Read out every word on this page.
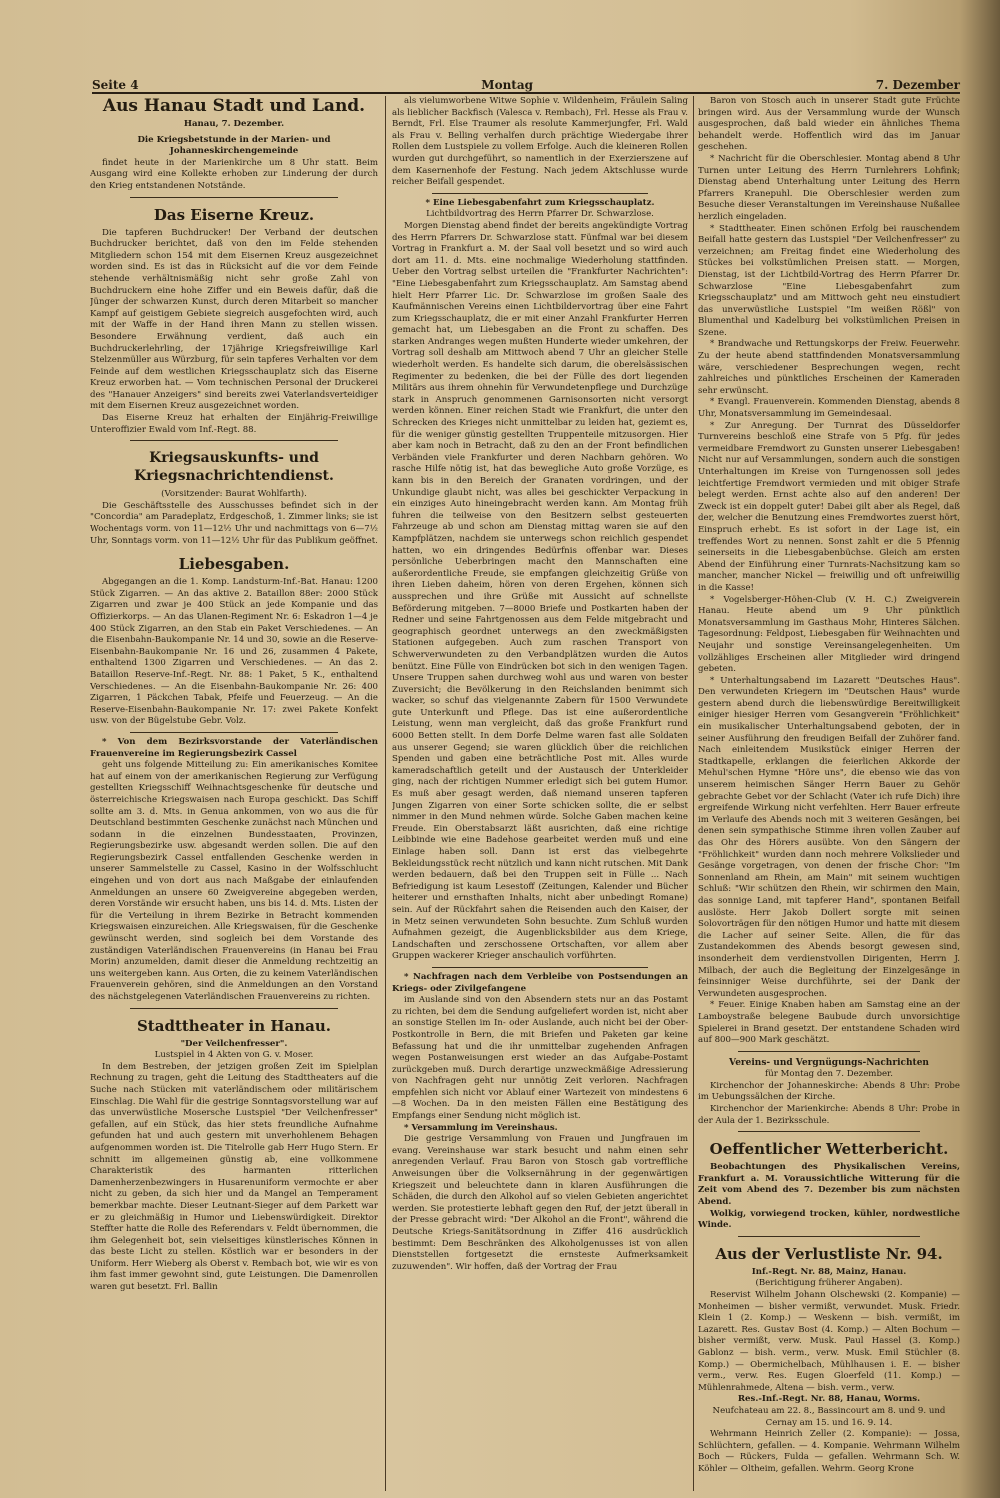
Seite 4	Montag	7. Dezember
Aus Hanau Stadt und Land.
Hanau, 7. Dezember.
Die Kriegsbetstunde in der Marien- und Johanneskirchengemeinde

findet heute in der Marienkirche um 8 Uhr statt. Beim Ausgang wird eine Kollekte erhoben zur Linderung der durch den Krieg entstandenen Notstände.

Das Eiserne Kreuz.

Die tapferen Buchdrucker! Der Verband der deutschen Buchdrucker berichtet, daß von den im Felde stehenden Mitgliedern schon 154 mit dem Eisernen Kreuz ausgezeichnet worden sind. Es ist das in Rücksicht auf die vor dem Feinde stehende verhältnismäßig nicht sehr große Zahl von Buchdruckern eine hohe Ziffer und ein Beweis dafür, daß die Jünger der schwarzen Kunst, durch deren Mitarbeit so mancher Kampf auf geistigem Gebiete siegreich ausgefochten wird, auch mit der Waffe in der Hand ihren Mann zu stellen wissen. Besondere Erwähnung verdient, daß auch ein Buchdruckerlehrling, der 17jährige Kriegsfreiwillige Karl Stelzenmüller aus Würzburg, für sein tapferes Verhalten vor dem Feinde auf dem westlichen Kriegsschauplatz sich das Eiserne Kreuz erworben hat. — Vom technischen Personal der Druckerei des "Hanauer Anzeigers" sind bereits zwei Vaterlandsverteidiger mit dem Eisernen Kreuz ausgezeichnet worden.

Das Eiserne Kreuz hat erhalten der Einjährig-Freiwillige Unteroffizier Ewald vom Inf.-Regt. 88.

Kriegsauskunfts- und Kriegsnachrichtendienst.
(Vorsitzender: Baurat Wohlfarth).

Die Geschäftsstelle des Ausschusses befindet sich in der "Concordia" am Paradeplatz, Erdgeschoß, 1. Zimmer links; sie ist Wochentags vorm. von 11—12½ Uhr und nachmittags von 6—7½ Uhr, Sonntags vorm. von 11—12½ Uhr für das Publikum geöffnet.

Liebesgaben.

Abgegangen an die 1. Komp. Landsturm-Inf.-Bat. Hanau: 1200 Stück Zigarren. — An das aktive 2. Bataillon 88er: 2000 Stück Zigarren und zwar je 400 Stück an jede Kompanie und das Offizierkorps. — An das Ulanen-Regiment Nr. 6: Eskadron 1—4 je 400 Stück Zigarren, an den Stab ein Paket Verschiedenes. — An die Eisenbahn-Baukompanie Nr. 14 und 30, sowie an die Reserve-Eisenbahn-Baukompanie Nr. 16 und 26, zusammen 4 Pakete, enthaltend 1300 Zigarren und Verschiedenes. — An das 2. Bataillon Reserve-Inf.-Regt. Nr. 88: 1 Paket, 5 K., enthaltend Verschiedenes. — An die Eisenbahn-Baukompanie Nr. 26: 400 Zigarren, 1 Päckchen Tabak, Pfeife und Feuerzeug. — An die Reserve-Eisenbahn-Baukompanie Nr. 17: zwei Pakete Konfekt usw. von der Bügelstube Gebr. Volz.

* Von dem Bezirksvorstande der Vaterländischen Frauenvereine im Regierungsbezirk Cassel

geht uns folgende Mitteilung zu: Ein amerikanisches Komitee hat auf einem von der amerikanischen Regierung zur Verfügung gestellten Kriegsschiff Weihnachtsgeschenke für deutsche und österreichische Kriegswaisen nach Europa geschickt. Das Schiff sollte am 3. d. Mts. in Genua ankommen, von wo aus die für Deutschland bestimmten Geschenke zunächst nach München und sodann in die einzelnen Bundesstaaten, Provinzen, Regierungsbezirke usw. abgesandt werden sollen. Die auf den Regierungsbezirk Cassel entfallenden Geschenke werden in unserer Sammelstelle zu Cassel, Kasino in der Wolfsschlucht eingehen und von dort aus nach Maßgabe der einlaufenden Anmeldungen an unsere 60 Zweigvereine abgegeben werden, deren Vorstände wir ersucht haben, uns bis 14. d. Mts. Listen der für die Verteilung in ihrem Bezirke in Betracht kommenden Kriegswaisen einzureichen. Alle Kriegswaisen, für die Geschenke gewünscht werden, sind sogleich bei dem Vorstande des zuständigen Vaterländischen Frauenvereins (in Hanau bei Frau Morin) anzumelden, damit dieser die Anmeldung rechtzeitig an uns weitergeben kann. Aus Orten, die zu keinem Vaterländischen Frauenverein gehören, sind die Anmeldungen an den Vorstand des nächstgelegenen Vaterländischen Frauenvereins zu richten.

Stadttheater in Hanau.
"Der Veilchenfresser".
Lustspiel in 4 Akten von G. v. Moser.

In dem Bestreben, der jetzigen großen Zeit im Spielplan Rechnung zu tragen, geht die Leitung des Stadttheaters auf die Suche nach Stücken mit vaterländischem oder militärischem Einschlag. Die Wahl für die gestrige Sonntagsvorstellung war auf das unverwüstliche Mosersche Lustspiel "Der Veilchenfresser" gefallen, auf ein Stück, das hier stets freundliche Aufnahme gefunden hat und auch gestern mit unverhohlenem Behagen aufgenommen worden ist. Die Titelrolle gab Herr Hugo Stern. Er schnitt im allgemeinen günstig ab, eine vollkommene Charakteristik des harmanten ritterlichen Damenherzenbezwingers in Husarenuniform vermochte er aber nicht zu geben, da sich hier und da Mangel an Temperament bemerkbar machte. Dieser Leutnant-Sieger auf dem Parkett war er zu gleichmäßig in Humor und Liebenswürdigkeit. Direktor Steffter hatte die Rolle des Referendars v. Feldt übernommen, die ihm Gelegenheit bot, sein vielseitiges künstlerisches Können in das beste Licht zu stellen. Köstlich war er besonders in der Uniform. Herr Wieberg als Oberst v. Rembach bot, wie wir es von ihm fast immer gewohnt sind, gute Leistungen. Die Damenrollen waren gut besetzt. Frl. Ballin

als vielumworbene Witwe Sophie v. Wildenheim, Fräulein Saling als lieblicher Backfisch (Valesca v. Rembach), Frl. Hesse als Frau v. Berndt, Frl. Else Traumer als resolute Kammerjungfer, Frl. Wald als Frau v. Belling verhalfen durch prächtige Wiedergabe ihrer Rollen dem Lustspiele zu vollem Erfolge. Auch die kleineren Rollen wurden gut durchgeführt, so namentlich in der Exerzierszene auf dem Kasernenhofe der Festung. Nach jedem Aktschlusse wurde reicher Beifall gespendet.

* Eine Liebesgabenfahrt zum Kriegsschauplatz.
Lichtbildvortrag des Herrn Pfarrer Dr. Schwarzlose.

Morgen Dienstag abend findet der bereits angekündigte Vortrag des Herrn Pfarrers Dr. Schwarzlose statt. Fünfmal war bei diesem Vortrag in Frankfurt a. M. der Saal voll besetzt und so wird auch dort am 11. d. Mts. eine nochmalige Wiederholung stattfinden. Ueber den Vortrag selbst urteilen die "Frankfurter Nachrichten": "Eine Liebesgabenfahrt zum Kriegsschauplatz. Am Samstag abend hielt Herr Pfarrer Lic. Dr. Schwarzlose im großen Saale des Kaufmännischen Vereins einen Lichtbildervortrag über eine Fahrt zum Kriegsschauplatz, die er mit einer Anzahl Frankfurter Herren gemacht hat, um Liebesgaben an die Front zu schaffen. Des starken Andranges wegen mußten Hunderte wieder umkehren, der Vortrag soll deshalb am Mittwoch abend 7 Uhr an gleicher Stelle wiederholt werden. Es handelte sich darum, die oberelsässischen Regimenter zu bedenken, die bei der Fülle des dort liegenden Militärs aus ihrem ohnehin für Verwundetenpflege und Durchzüge stark in Anspruch genommenen Garnisonsorten nicht versorgt werden können. Einer reichen Stadt wie Frankfurt, die unter den Schrecken des Krieges nicht unmittelbar zu leiden hat, geziemt es, für die weniger günstig gestellten Truppenteile mitzusorgen. Hier aber kam noch in Betracht, daß zu den an der Front befindlichen Verbänden viele Frankfurter und deren Nachbarn gehören. Wo rasche Hilfe nötig ist, hat das bewegliche Auto große Vorzüge, es kann bis in den Bereich der Granaten vordringen, und der Unkundige glaubt nicht, was alles bei geschickter Verpackung in ein einziges Auto hineingebracht werden kann. Am Montag früh fuhren die teilweise von den Besitzern selbst gesteuerten Fahrzeuge ab und schon am Dienstag mittag waren sie auf den Kampfplätzen, nachdem sie unterwegs schon reichlich gespendet hatten, wo ein dringendes Bedürfnis offenbar war. Dieses persönliche Ueberbringen macht den Mannschaften eine außerordentliche Freude, sie empfangen gleichzeitig Grüße von ihren Lieben daheim, hören von deren Ergehen, können sich aussprechen und ihre Grüße mit Aussicht auf schnellste Beförderung mitgeben. 7—8000 Briefe und Postkarten haben der Redner und seine Fahrtgenossen aus dem Felde mitgebracht und geographisch geordnet unterwegs an den zweckmäßigsten Stationen aufgegeben. Auch zum raschen Transport von Schwerverwundeten zu den Verbandplätzen wurden die Autos benützt. Eine Fülle von Eindrücken bot sich in den wenigen Tagen. Unsere Truppen sahen durchweg wohl aus und waren von bester Zuversicht; die Bevölkerung in den Reichslanden benimmt sich wacker, so schuf das vielgenannte Zabern für 1500 Verwundete gute Unterkunft und Pflege. Das ist eine außerordentliche Leistung, wenn man vergleicht, daß das große Frankfurt rund 6000 Betten stellt. In dem Dorfe Delme waren fast alle Soldaten aus unserer Gegend; sie waren glücklich über die reichlichen Spenden und gaben eine beträchtliche Post mit. Alles wurde kameradschaftlich geteilt und der Austausch der Unterkleider ging, nach der richtigen Nummer erledigt sich bei gutem Humor. Es muß aber gesagt werden, daß niemand unseren tapferen Jungen Zigarren von einer Sorte schicken sollte, die er selbst nimmer in den Mund nehmen würde. Solche Gaben machen keine Freude. Ein Oberstabsarzt läßt ausrichten, daß eine richtige Leibbinde wie eine Badehose gearbeitet werden muß und eine Einlage haben soll. Dann ist erst das vielbegehrte Bekleidungsstück recht nützlich und kann nicht rutschen. Mit Dank werden bedauern, daß bei den Truppen seit in Fülle ... Nach Befriedigung ist kaum Lesestoff (Zeitungen, Kalender und Bücher heiterer und ernsthaften Inhalts, nicht aber unbedingt Romane) sein. Auf der Rückfahrt sahen die Reisenden auch den Kaiser, der in Metz seinen verwundeten Sohn besuchte. Zum Schluß wurden Aufnahmen gezeigt, die Augenblicksbilder aus dem Kriege, Landschaften und zerschossene Ortschaften, vor allem aber Gruppen wackerer Krieger anschaulich vorführten.

* Nachfragen nach dem Verbleibe von Postsendungen an Kriegs- oder Zivilgefangene

im Auslande sind von den Absendern stets nur an das Postamt zu richten, bei dem die Sendung aufgeliefert worden ist, nicht aber an sonstige Stellen im In- oder Auslande, auch nicht bei der Ober-Postkontrolle in Bern, die mit Briefen und Paketen gar keine Befassung hat und die ihr unmittelbar zugehenden Anfragen wegen Postanweisungen erst wieder an das Aufgabe-Postamt zurückgeben muß. Durch derartige unzweckmäßige Adressierung von Nachfragen geht nur unnötig Zeit verloren. Nachfragen empfehlen sich nicht vor Ablauf einer Wartezeit von mindestens 6—8 Wochen. Da in den meisten Fällen eine Bestätigung des Empfangs einer Sendung nicht möglich ist.

* Versammlung im Vereinshaus.

Die gestrige Versammlung von Frauen und Jungfrauen im evang. Vereinshause war stark besucht und nahm einen sehr anregenden Verlauf. Frau Baron von Stosch gab vortreffliche Anweisungen über die Volksernährung in der gegenwärtigen Kriegszeit und beleuchtete dann in klaren Ausführungen die Schäden, die durch den Alkohol auf so vielen Gebieten angerichtet werden. Sie protestierte lebhaft gegen den Ruf, der jetzt überall in der Presse gebracht wird: "Der Alkohol an die Front", während die Deutsche Kriegs-Sanitätsordnung in Ziffer 416 ausdrücklich bestimmt: Dem Beschränken des Alkoholgenusses ist von allen Dienststellen fortgesetzt die ernsteste Aufmerksamkeit zuzuwenden". Wir hoffen, daß der Vortrag der Frau

Baron von Stosch auch in unserer Stadt gute Früchte bringen wird. Aus der Versammlung wurde der Wunsch ausgesprochen, daß bald wieder ein ähnliches Thema behandelt werde. Hoffentlich wird das im Januar geschehen.

* Nachricht für die Oberschlesier. Montag abend 8 Uhr Turnen unter Leitung des Herrn Turnlehrers Lohfink; Dienstag abend Unterhaltung unter Leitung des Herrn Pfarrers Kranepuhl. Die Oberschlesier werden zum Besuche dieser Veranstaltungen im Vereinshause Nußallee herzlich eingeladen.

* Stadttheater. Einen schönen Erfolg bei rauschendem Beifall hatte gestern das Lustspiel "Der Veilchenfresser" zu verzeichnen; am Freitag findet eine Wiederholung des Stückes bei volkstümlichen Preisen statt. — Morgen, Dienstag, ist der Lichtbild-Vortrag des Herrn Pfarrer Dr. Schwarzlose "Eine Liebesgabenfahrt zum Kriegsschauplatz" und am Mittwoch geht neu einstudiert das unverwüstliche Lustspiel "Im weißen Rößl" von Blumenthal und Kadelburg bei volkstümlichen Preisen in Szene.

* Brandwache und Rettungskorps der Freiw. Feuerwehr. Zu der heute abend stattfindenden Monatsversammlung wäre, verschiedener Besprechungen wegen, recht zahlreiches und pünktliches Erscheinen der Kameraden sehr erwünscht.

* Evangl. Frauenverein. Kommenden Dienstag, abends 8 Uhr, Monatsversammlung im Gemeindesaal.

* Zur Anregung. Der Turnrat des Düsseldorfer Turnvereins beschloß eine Strafe von 5 Pfg. für jedes vermeidbare Fremdwort zu Gunsten unserer Liebesgaben! Nicht nur auf Versammlungen, sondern auch die sonstigen Unterhaltungen im Kreise von Turngenossen soll jedes leichtfertige Fremdwort vermieden und mit obiger Strafe belegt werden. Ernst achte also auf den anderen! Der Zweck ist ein doppelt guter! Dabei gilt aber als Regel, daß der, welcher die Benutzung eines Fremdwortes zuerst hört, Einspruch erhebt. Es ist sofort in der Lage ist, ein treffendes Wort zu nennen. Sonst zahlt er die 5 Pfennig seinerseits in die Liebesgabenbüchse. Gleich am ersten Abend der Einführung einer Turnrats-Nachsitzung kam so mancher, mancher Nickel — freiwillig und oft unfreiwillig in die Kasse!

* Vogelsberger-Höhen-Club (V. H. C.) Zweigverein Hanau. Heute abend um 9 Uhr pünktlich Monatsversammlung im Gasthaus Mohr, Hinteres Sälchen. Tagesordnung: Feldpost, Liebesgaben für Weihnachten und Neujahr und sonstige Vereinsangelegenheiten. Um vollzähliges Erscheinen aller Mitglieder wird dringend gebeten.

* Unterhaltungsabend im Lazarett "Deutsches Haus". Den verwundeten Kriegern im "Deutschen Haus" wurde gestern abend durch die liebenswürdige Bereitwilligkeit einiger hiesiger Herren vom Gesangverein "Fröhlichkeit" ein musikalischer Unterhaltungsabend geboten, der in seiner Ausführung den freudigen Beifall der Zuhörer fand. Nach einleitendem Musikstück einiger Herren der Stadtkapelle, erklangen die feierlichen Akkorde der Mehul'schen Hymne "Höre uns", die ebenso wie das von unserem heimischen Sänger Herrn Bauer zu Gehör gebrachte Gebet vor der Schlacht (Vater ich rufe Dich) ihre ergreifende Wirkung nicht verfehlten. Herr Bauer erfreute im Verlaufe des Abends noch mit 3 weiteren Gesängen, bei denen sein sympathische Stimme ihren vollen Zauber auf das Ohr des Hörers ausübte. Von den Sängern der "Fröhlichkeit" wurden dann noch mehrere Volkslieder und Gesänge vorgetragen, von denen der frische Chor: "Im Sonnenland am Rhein, am Main" mit seinem wuchtigen Schluß: "Wir schützen den Rhein, wir schirmen den Main, das sonnige Land, mit tapferer Hand", spontanen Beifall auslöste. Herr Jakob Dollert sorgte mit seinen Solovorträgen für den nötigen Humor und hatte mit diesem die Lacher auf seiner Seite. Allen, die für das Zustandekommen des Abends besorgt gewesen sind, insonderheit dem verdienstvollen Dirigenten, Herrn J. Milbach, der auch die Begleitung der Einzelgesänge in feinsinniger Weise durchführte, sei der Dank der Verwundeten ausgesprochen.

* Feuer. Einige Knaben haben am Samstag eine an der Lamboystraße belegene Baubude durch unvorsichtige Spielerei in Brand gesetzt. Der entstandene Schaden wird auf 800—900 Mark geschätzt.

Vereins- und Vergnügungs-Nachrichten
für Montag den 7. Dezember.

Kirchenchor der Johanneskirche: Abends 8 Uhr: Probe im Uebungssälchen der Kirche.

Kirchenchor der Marienkirche: Abends 8 Uhr: Probe in der Aula der 1. Bezirksschule.

Oeffentlicher Wetterbericht.

Beobachtungen des Physikalischen Vereins, Frankfurt a. M. Voraussichtliche Witterung für die Zeit vom Abend des 7. Dezember bis zum nächsten Abend.

Wolkig, vorwiegend trocken, kühler, nordwestliche Winde.

Aus der Verlustliste Nr. 94.
Inf.-Regt. Nr. 88, Mainz, Hanau.
(Berichtigung früherer Angaben).

Reservist Wilhelm Johann Olschewski (2. Kompanie) — Monheimen — bisher vermißt, verwundet. Musk. Friedr. Klein 1 (2. Komp.) — Weskenn — bish. vermißt, im Lazarett. Res. Gustav Bost (4. Komp.) — Alten Bochum — bisher vermißt, verw. Musk. Paul Hassel (3. Komp.) Gablonz — bish. verm., verw. Musk. Emil Stüchler (8. Komp.) — Obermichelbach, Mühlhausen i. E. — bisher verm., verw. Res. Eugen Gloerfeld (11. Komp.) — Mühlenrahmede, Altena — bish. verm., verw.

Res.-Inf.-Regt. Nr. 88, Hanau, Worms.
Neufchateau am 22. 8., Bassincourt am 8. und 9. und Cernay am 15. und 16. 9. 14.

Wehrmann Heinrich Zeller (2. Kompanie): — Jossa, Schlüchtern, gefallen. — 4. Kompanie. Wehrmann Wilhelm Boch — Rückers, Fulda — gefallen. Wehrmann Sch. W. Köhler — Oltheim, gefallen. Wehrm. Georg Krone
